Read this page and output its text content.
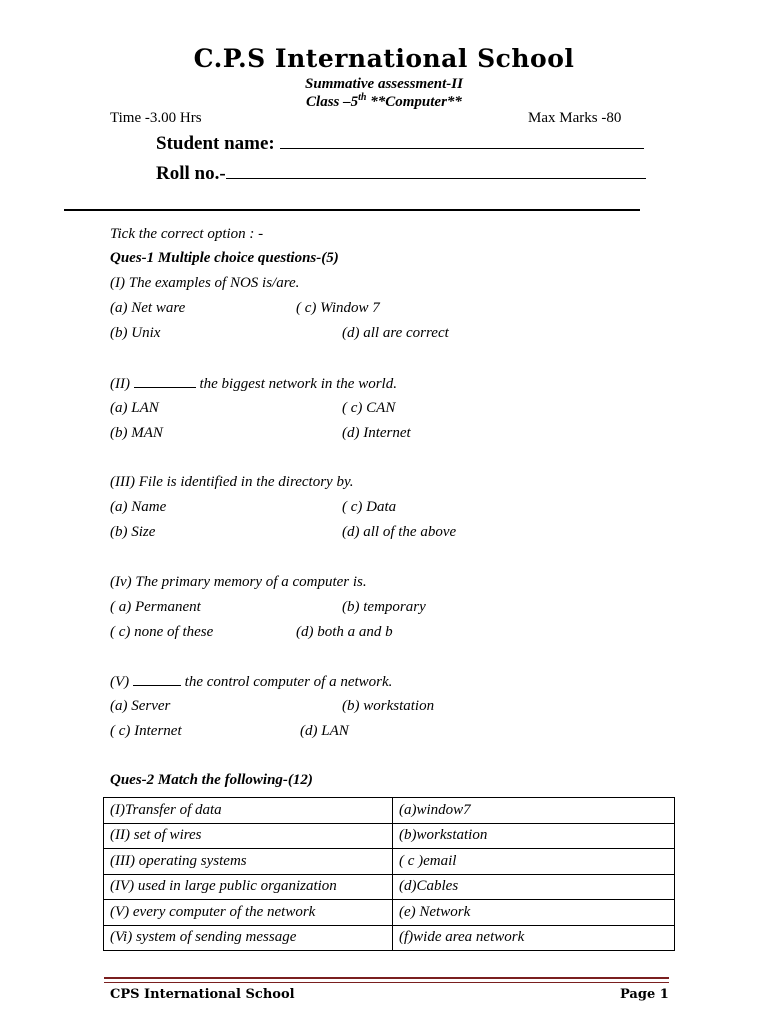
C.P.S International School
Summative assessment-II
Class –5th **Computer**
Time -3.00 Hrs	Max Marks -80
Student name:
Roll no.-
Tick the correct option : -
Ques-1 Multiple choice questions-(5)
(I) The examples of NOS is/are.
(a) Net ware	( c) Window 7
(b) Unix	(d) all are correct
(II)	the biggest network in the world.
(a) LAN	( c) CAN
(b) MAN	(d) Internet
(III) File is identified in the directory by.
(a) Name	( c) Data
(b) Size	(d) all of the above
(Iv) The primary memory of a computer is.
( a) Permanent	(b) temporary
( c) none of these	(d) both a and b
(V)	the control computer of a network.
(a) Server	(b) workstation
( c) Internet	(d) LAN
Ques-2 Match the following-(12)
(I)Transfer of data	(a)window7
(II) set of wires	(b)workstation
(III) operating systems	( c )email
(IV) used in large public organization	(d)Cables
(V) every computer of the network	(e) Network
(Vi) system of sending message	(f)wide area network
CPS International School	Page 1
